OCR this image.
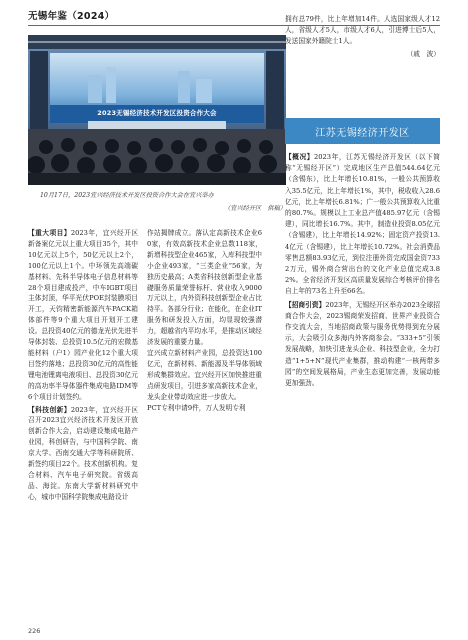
无锡年鉴（2024）
2023无锡经济技术开发区投资合作大会

10月17日，2023宜兴经济技术开发区投资合作大会在宜兴举办

（宜兴经开区　供稿）

拥有总79件，比上年增加14件。人选国家级人才12人，省级人才5人，市级人才6人，引进博士后5人，发送国家外籍院士1人。

（戚　波）

江苏无锡经济开发区

【重大项目】2023年，宜兴经开区新备案亿元以上重大项目35个，其中10亿元以上5个，50亿元以上2个，100亿元以上1个。中环领先高端碳基材料、先科半导体电子信息材料等28个项目建成投产，中车IGBT项目主体封顶，华平光伏POE封装膜项目开工，天钧精密新能源汽车PACK箱体部件等9个重大项目开划开工建设。总投资40亿元的德龙光伏先进半导体封装、总投资10.5亿元的宏微基能材料（户1）园产业化12个重大项目签约落地；总投资30亿元的高性能锂电池锂离电液项目、总投资30亿元的高功率半导体器件集成电路IDM等6个项目计划签约。

【科技创新】2023年，宜兴经开区召开2023宜兴经济技术开发区开放创新合作大会，启动建设集成电路产业园，科创研告，与中国科学院、南京大学、西南交通大学等科研院所、新签约项目22个。技术创新机构。复合材料、汽车电子研究院。省级高品、海淀。东南大学新材料研究中心，城市中国科学院集成电路设计

作站揭牌成立。落认定高新技术企业60家，有效高新技术企业总数118家，新增科技型企业465家，入库科技型中小企业493家，“三类企业”56家，为独历史最高；A类省科技创新型企业基礎服务质量荣誉标杆、营业收入9000万元以上，内外资科技创新型企业占比持平。各部分行业；在能化，在企业IT服务和研发投入方面，均显现较强潜力，超越省内平均水平，是推动区域经济发展的重要力量。

宜兴成立新材料产业园，总投资达100亿元，在新材料、新能源及半导体领域形成集群效应。宜兴经开区加快推进重点研发项目，引进多家高新技术企业，龙头企业带动效应进一步放大。

PCT专利申请9件，万人发明专利

【概况】2023年，江苏无锡经济开发区（以下简称“无锡经开区”）完成地区生产总值544.64亿元（含锡东），比上年增长10.81%，一般公共预算收入35.5亿元，比上年增长1%，其中，税收收入28.6亿元，比上年增长6.81%；广一般公共预算收入比重的80.7%。规模以上工业总产值485.97亿元（含锡建），同比增长16.7%。其中，制造业投资8.05亿元（含锡建），比上年增长14.92%；固定资产投资13.4亿元（含锡建），比上年增长10.72%。社会消费品零售总额83.93亿元，到位注册外资完成国金资7332万元，锡外商合营出台的文化产业总值完成3.82%。全省经济开发区高质量发展综合考核评价排名自上年的73名上升至66名。

【招商引资】2023年，无锡经开区举办2023全球招商合作大会，2023锡商荣发招商、世界产业投资合作交流大会，当地招商政策与服务优势得到充分展示，大会吸引众多海内外客商参会。“333+5”引领发展战略，加快引进龙头企业、科技型企业，全力打造“1+5+N”现代产业集群，推动构建“一核两带多园”的空间发展格局，产业生态更加完善，发展动能更加强劲。

226
